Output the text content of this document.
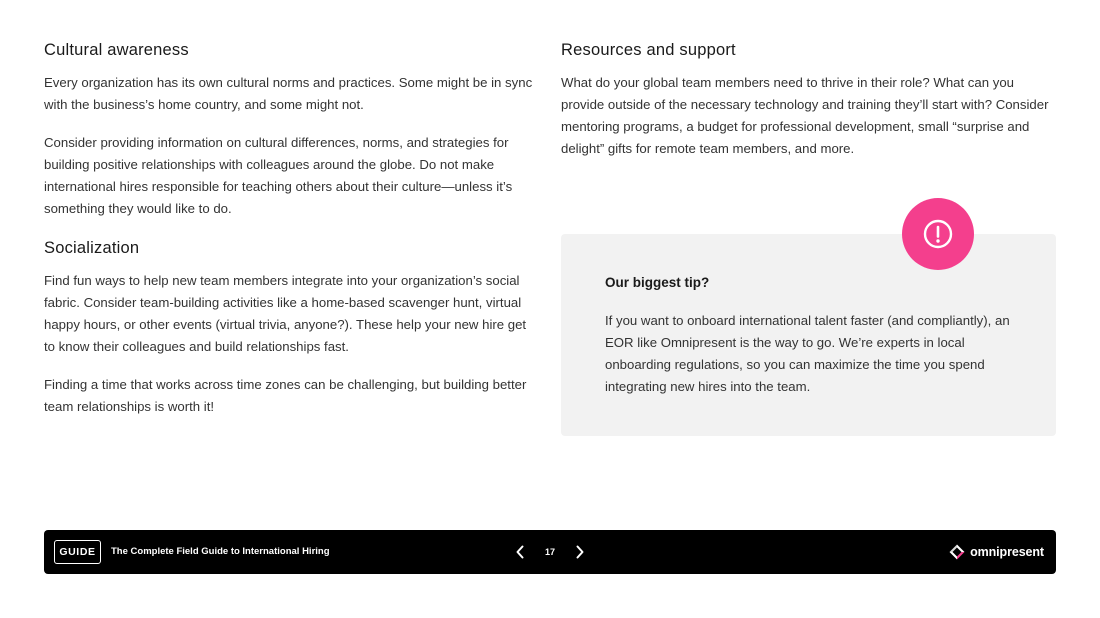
Cultural awareness

Every organization has its own cultural norms and practices. Some might be in sync with the business’s home country, and some might not.

Consider providing information on cultural differences, norms, and strategies for building positive relationships with colleagues around the globe. Do not make international hires responsible for teaching others about their culture—unless it’s something they would like to do.

Socialization

Find fun ways to help new team members integrate into your organization’s social fabric. Consider team-building activities like a home-based scavenger hunt, virtual happy hours, or other events (virtual trivia, anyone?). These help your new hire get to know their colleagues and build relationships fast.

Finding a time that works across time zones can be challenging, but building better team relationships is worth it!

Resources and support

What do your global team members need to thrive in their role? What can you provide outside of the necessary technology and training they’ll start with? Consider mentoring programs, a budget for professional development, small “surprise and delight” gifts for remote team members, and more.

Our biggest tip?

If you want to onboard international talent faster (and compliantly), an EOR like Omnipresent is the way to go. We’re experts in local onboarding regulations, so you can maximize the time you spend integrating new hires into the team.

GUIDE	The Complete Field Guide to International Hiring	17	omnipresent
